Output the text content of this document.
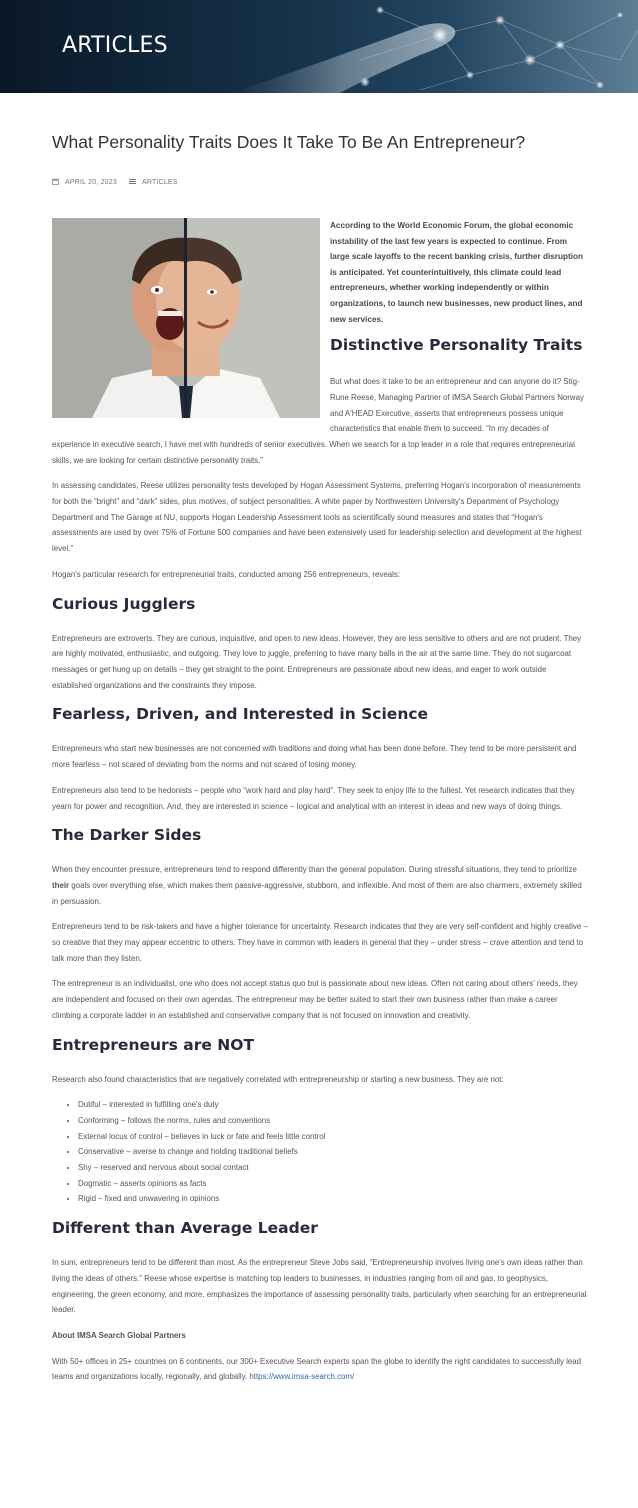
ARTICLES
What Personality Traits Does It Take To Be An Entrepreneur?
APRIL 20, 2023	ARTICLES

According to the World Economic Forum, the global economic instability of the last few years is expected to continue. From large scale layoffs to the recent banking crisis, further disruption is anticipated. Yet counterintuitively, this climate could lead entrepreneurs, whether working independently or within organizations, to launch new businesses, new product lines, and new services.

Distinctive Personality Traits

But what does it take to be an entrepreneur and can anyone do it? Stig-Rune Reese, Managing Partner of IMSA Search Global Partners Norway and A'HEAD Executive, asserts that entrepreneurs possess unique characteristics that enable them to succeed. “In my decades of experience in executive search, I have met with hundreds of senior executives. When we search for a top leader in a role that requires entrepreneurial skills, we are looking for certain distinctive personality traits.”

In assessing candidates, Reese utilizes personality tests developed by Hogan Assessment Systems, preferring Hogan's incorporation of measurements for both the “bright” and “dark” sides, plus motives, of subject personalities. A white paper by Northwestern University's Department of Psychology Department and The Garage at NU, supports Hogan Leadership Assessment tools as scientifically sound measures and states that “Hogan's assessments are used by over 75% of Fortune 500 companies and have been extensively used for leadership selection and development at the highest level.”

Hogan's particular research for entrepreneurial traits, conducted among 256 entrepreneurs, reveals:

Curious Jugglers

Entrepreneurs are extroverts. They are curious, inquisitive, and open to new ideas. However, they are less sensitive to others and are not prudent. They are highly motivated, enthusiastic, and outgoing. They love to juggle, preferring to have many balls in the air at the same time. They do not sugarcoat messages or get hung up on details – they get straight to the point. Entrepreneurs are passionate about new ideas, and eager to work outside established organizations and the constraints they impose.

Fearless, Driven, and Interested in Science

Entrepreneurs who start new businesses are not concerned with traditions and doing what has been done before. They tend to be more persistent and more fearless – not scared of deviating from the norms and not scared of losing money.

Entrepreneurs also tend to be hedonists – people who “work hard and play hard”. They seek to enjoy life to the fullest. Yet research indicates that they yearn for power and recognition. And, they are interested in science – logical and analytical with an interest in ideas and new ways of doing things.

The Darker Sides

When they encounter pressure, entrepreneurs tend to respond differently than the general population. During stressful situations, they tend to prioritize their goals over everything else, which makes them passive-aggressive, stubborn, and inflexible. And most of them are also charmers, extremely skilled in persuasion.

Entrepreneurs tend to be risk-takers and have a higher tolerance for uncertainty. Research indicates that they are very self-confident and highly creative – so creative that they may appear eccentric to others. They have in common with leaders in general that they – under stress – crave attention and tend to talk more than they listen.

The entrepreneur is an individualist, one who does not accept status quo but is passionate about new ideas. Often not caring about others' needs, they are independent and focused on their own agendas. The entrepreneur may be better suited to start their own business rather than make a career climbing a corporate ladder in an established and conservative company that is not focused on innovation and creativity.

Entrepreneurs are NOT

Research also found characteristics that are negatively correlated with entrepreneurship or starting a new business. They are not:

• Dutiful – interested in fulfilling one's duty
• Conforming – follows the norms, rules and conventions
• External locus of control – believes in luck or fate and feels little control
• Conservative – averse to change and holding traditional beliefs
• Shy – reserved and nervous about social contact
• Dogmatic – asserts opinions as facts
• Rigid – fixed and unwavering in opinions
Different than Average Leader

In sum, entrepreneurs tend to be different than most. As the entrepreneur Steve Jobs said, “Entrepreneurship involves living one's own ideas rather than living the ideas of others.” Reese whose expertise is matching top leaders to businesses, in industries ranging from oil and gas, to geophysics, engineering, the green economy, and more, emphasizes the importance of assessing personality traits, particularly when searching for an entrepreneurial leader.

About IMSA Search Global Partners

With 50+ offices in 25+ countries on 6 continents, our 300+ Executive Search experts span the globe to identify the right candidates to successfully lead teams and organizations locally, regionally, and globally. https://www.imsa-search.com/
